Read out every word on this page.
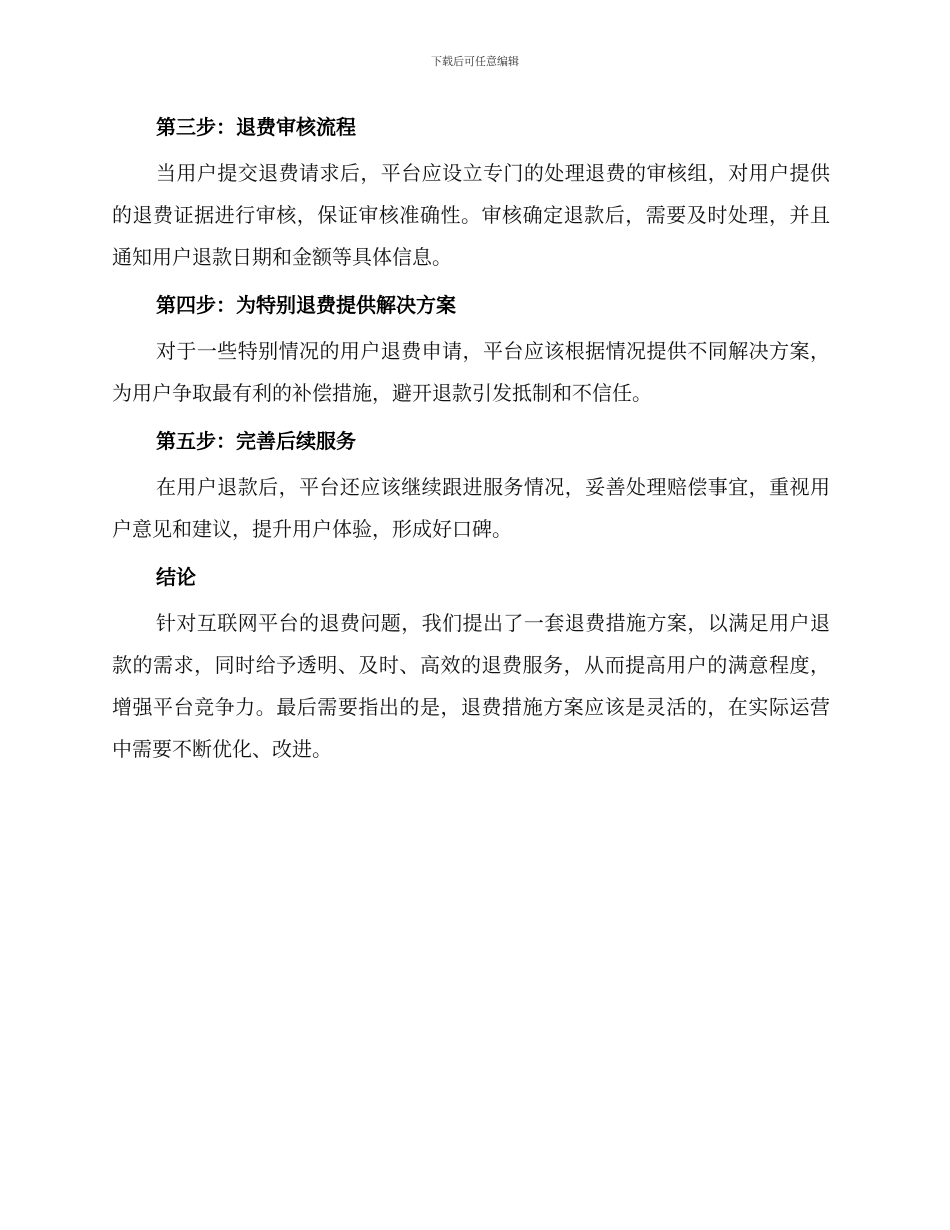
下载后可任意编辑
第三步：退费审核流程

当用户提交退费请求后，平台应设立专门的处理退费的审核组，对用户提供的退费证据进行审核，保证审核准确性。审核确定退款后，需要及时处理，并且通知用户退款日期和金额等具体信息。

第四步：为特别退费提供解决方案

对于一些特别情况的用户退费申请，平台应该根据情况提供不同解决方案，为用户争取最有利的补偿措施，避开退款引发抵制和不信任。

第五步：完善后续服务

在用户退款后，平台还应该继续跟进服务情况，妥善处理赔偿事宜，重视用户意见和建议，提升用户体验，形成好口碑。

结论

针对互联网平台的退费问题，我们提出了一套退费措施方案，以满足用户退款的需求，同时给予透明、及时、高效的退费服务，从而提高用户的满意程度，增强平台竞争力。最后需要指出的是，退费措施方案应该是灵活的，在实际运营中需要不断优化、改进。
